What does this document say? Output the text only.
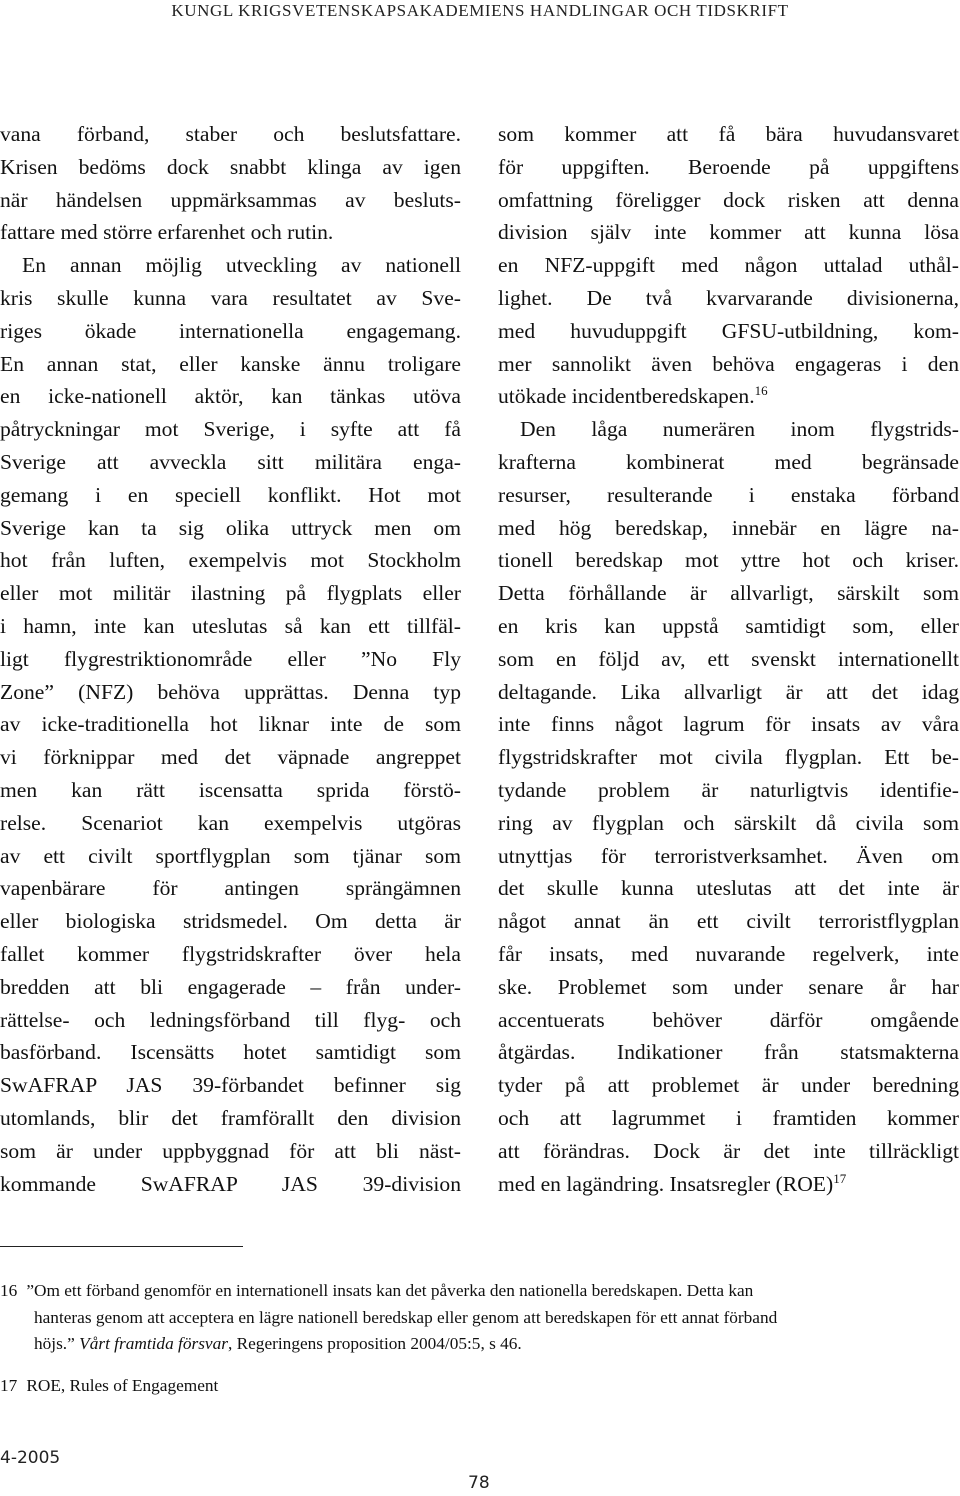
KUNGL KRIGSVETENSKAPSAKADEMIENS HANDLINGAR OCH TIDSKRIFT
vana förband, staber och beslutsfattare.
Krisen bedöms dock snabbt klinga av igen
när händelsen uppmärksammas av besluts-
fattare med större erfarenhet och rutin.
En annan möjlig utveckling av nationell
kris skulle kunna vara resultatet av Sve-
riges ökade internationella engagemang.
En annan stat, eller kanske ännu troligare
en icke-nationell aktör, kan tänkas utöva
påtryckningar mot Sverige, i syfte att få
Sverige att avveckla sitt militära enga-
gemang i en speciell konflikt. Hot mot
Sverige kan ta sig olika uttryck men om
hot från luften, exempelvis mot Stockholm
eller mot militär ilastning på flygplats eller
i hamn, inte kan uteslutas så kan ett tillfäl-
ligt flygrestriktionområde eller ”No Fly
Zone” (NFZ) behöva upprättas. Denna typ
av icke-traditionella hot liknar inte de som
vi förknippar med det väpnade angreppet
men kan rätt iscensatta sprida förstö-
relse. Scenariot kan exempelvis utgöras
av ett civilt sportflygplan som tjänar som
vapenbärare för antingen sprängämnen
eller biologiska stridsmedel. Om detta är
fallet kommer flygstridskrafter över hela
bredden att bli engagerade – från under-
rättelse- och ledningsförband till flyg- och
basförband. Iscensätts hotet samtidigt som
SwAFRAP JAS 39-förbandet befinner sig
utomlands, blir det framförallt den division
som är under uppbyggnad för att bli näst-
kommande SwAFRAP JAS 39-division
som kommer att få bära huvudansvaret
för uppgiften. Beroende på uppgiftens
omfattning föreligger dock risken att denna
division själv inte kommer att kunna lösa
en NFZ-uppgift med någon uttalad uthål-
lighet. De två kvarvarande divisionerna,
med huvuduppgift GFSU-utbildning, kom-
mer sannolikt även behöva engageras i den
utökade incidentberedskapen.$^{16}$
Den låga numerären inom flygstrids-
krafterna kombinerat med begränsade
resurser, resulterande i enstaka förband
med hög beredskap, innebär en lägre na-
tionell beredskap mot yttre hot och kriser.
Detta förhållande är allvarligt, särskilt som
en kris kan uppstå samtidigt som, eller
som en följd av, ett svenskt internationellt
deltagande. Lika allvarligt är att det idag
inte finns något lagrum för insats av våra
flygstridskrafter mot civila flygplan. Ett be-
tydande problem är naturligtvis identifie-
ring av flygplan och särskilt då civila som
utnyttjas för terroristverksamhet. Även om
det skulle kunna uteslutas att det inte är
något annat än ett civilt terroristflygplan
får insats, med nuvarande regelverk, inte
ske. Problemet som under senare år har
accentuerats behöver därför omgående
åtgärdas. Indikationer från statsmakterna
tyder på att problemet är under beredning
och att lagrummet i framtiden kommer
att förändras. Dock är det inte tillräckligt
med en lagändring. Insatsregler (ROE)$^{17}$
16 ”Om ett förband genomför en internationell insats kan det påverka den nationella beredskapen. Detta kan
hanteras genom att acceptera en lägre nationell beredskap eller genom att beredskapen för ett annat förband
höjs.” Vårt framtida försvar, Regeringens proposition 2004/05:5, s 46.
17 ROE, Rules of Engagement
4-2005
78
